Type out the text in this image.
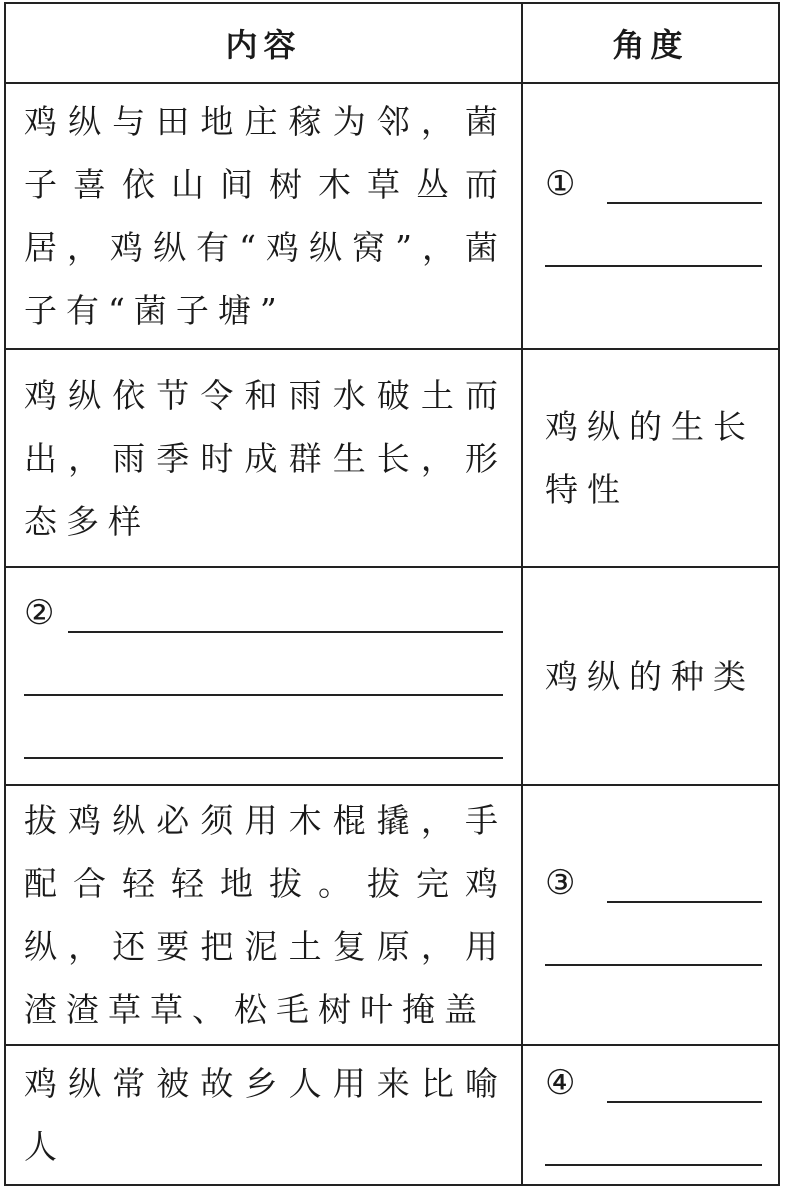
内容	角度
鸡纵与田地庄稼为邻，菌子喜依山间树木草丛而居，鸡纵有“鸡纵窝”，菌子有“菌子塘”	①

鸡纵依节令和雨水破土而出，雨季时成群生长，形态多样	鸡纵的生长特性

②	鸡纵的种类
拔鸡纵必须用木棍撬，手配合轻轻地拔。拔完鸡纵，还要把泥土复原，用渣渣草草、松毛树叶掩盖	③

鸡纵常被故乡人用来比喻人	④
